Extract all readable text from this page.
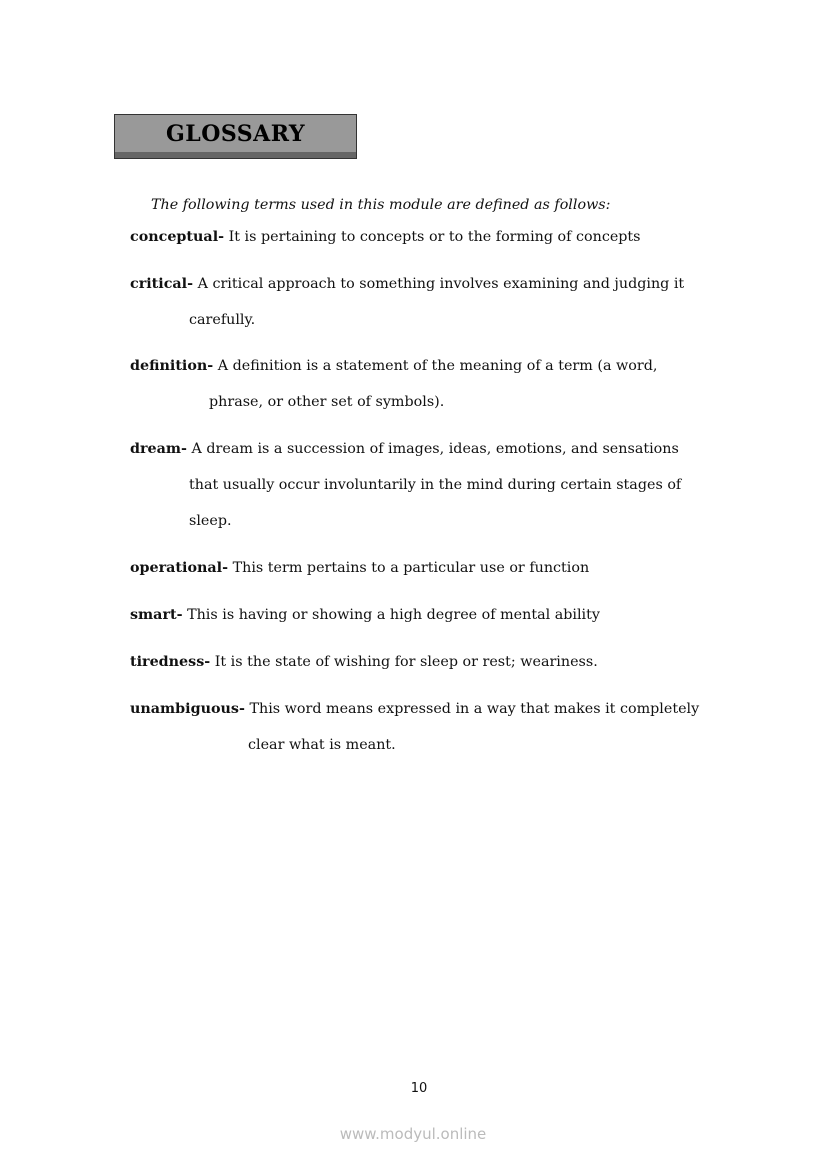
GLOSSARY
The following terms used in this module are defined as follows:
conceptual- It is pertaining to concepts or to the forming of concepts
critical- A critical approach to something involves examining and judging it
carefully.
definition- A definition is a statement of the meaning of a term (a word,
phrase, or other set of symbols).
dream- A dream is a succession of images, ideas, emotions, and sensations
that usually occur involuntarily in the mind during certain stages of
sleep.
operational- This term pertains to a particular use or function
smart- This is having or showing a high degree of mental ability
tiredness- It is the state of wishing for sleep or rest; weariness.
unambiguous- This word means expressed in a way that makes it completely
clear what is meant.
10
www.modyul.online
